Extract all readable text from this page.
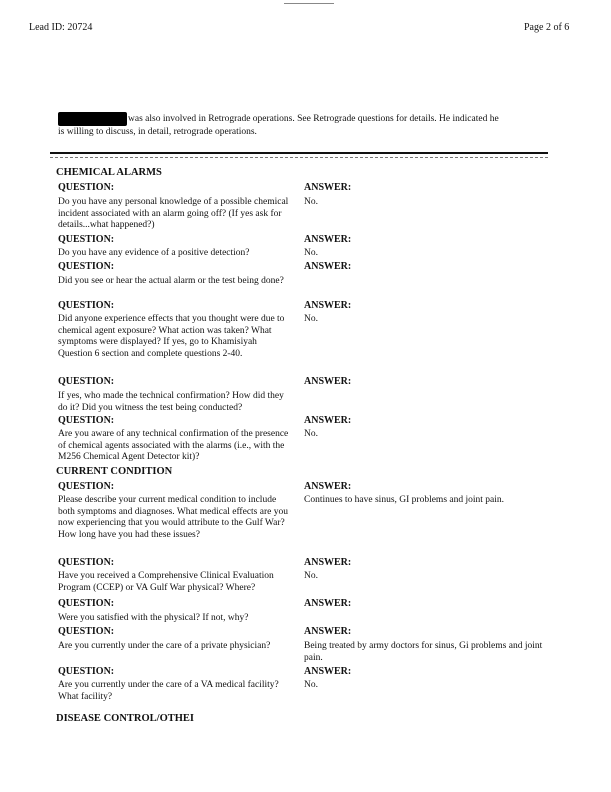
Lead ID: 20724	Page 2 of 6
was also involved in Retrograde operations. See Retrograde questions for details. He indicated he
is willing to discuss, in detail, retrograde operations.
CHEMICAL ALARMS
QUESTION:	ANSWER:
Do you have any personal knowledge of a possible chemical incident associated with an alarm going off? (If yes ask for details...what happened?)
No.
QUESTION:	ANSWER:
Do you have any evidence of a positive detection?	No.
QUESTION:	ANSWER:
Did you see or hear the actual alarm or the test being done?
QUESTION:	ANSWER:
Did anyone experience effects that you thought were due to chemical agent exposure? What action was taken? What symptoms were displayed? If yes, go to Khamisiyah Question 6 section and complete questions 2-40.
No.
QUESTION:	ANSWER:
If yes, who made the technical confirmation? How did they do it? Did you witness the test being conducted?
QUESTION:	ANSWER:
Are you aware of any technical confirmation of the presence of chemical agents associated with the alarms (i.e., with the M256 Chemical Agent Detector kit)?
No.
CURRENT CONDITION
QUESTION:	ANSWER:
Please describe your current medical condition to include both symptoms and diagnoses. What medical effects are you now experiencing that you would attribute to the Gulf War? How long have you had these issues?
Continues to have sinus, GI problems and joint pain.
QUESTION:	ANSWER:
Have you received a Comprehensive Clinical Evaluation Program (CCEP) or VA Gulf War physical? Where?
No.
QUESTION:	ANSWER:
Were you satisfied with the physical? If not, why?
QUESTION:	ANSWER:
Are you currently under the care of a private physician?	Being treated by army doctors for sinus, Gi problems and joint pain.
QUESTION:	ANSWER:
Are you currently under the care of a VA medical facility? What facility?
No.
DISEASE CONTROL/OTHEI
